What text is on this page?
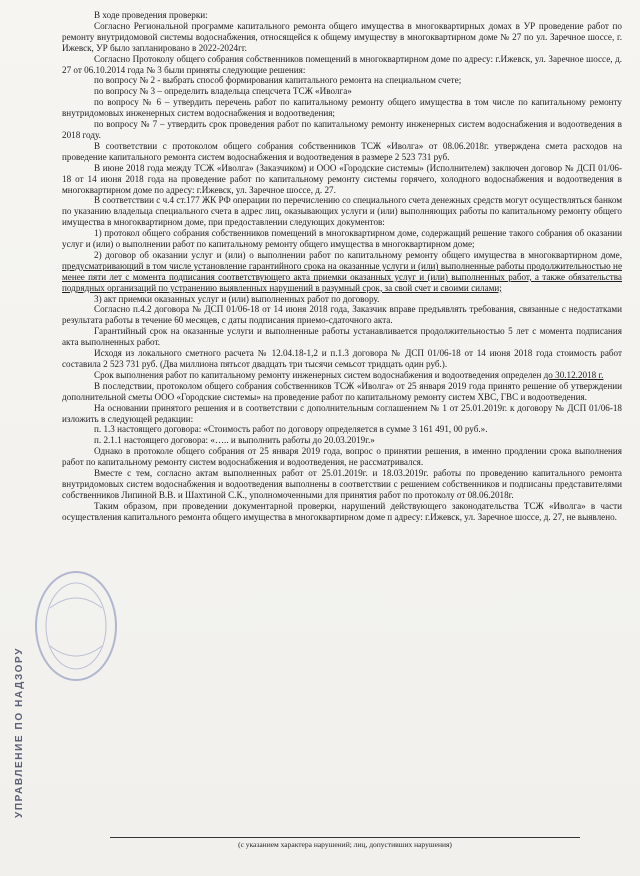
УПРАВЛЕНИЕ ПО НАДЗОРУ

В ходе проведения проверки:

Согласно Региональной программе капитального ремонта общего имущества в многоквартирных домах в УР проведение работ по ремонту внутридомовой системы водоснабжения, относящейся к общему имуществу в многоквартирном доме № 27 по ул. Заречное шоссе, г. Ижевск, УР было запланировано в 2022-2024гг.

Согласно Протоколу общего собрания собственников помещений в многоквартирном доме по адресу: г.Ижевск, ул. Заречное шоссе, д. 27 от 06.10.2014 года № 3 были приняты следующие решения:

по вопросу № 2 - выбрать способ формирования капитального ремонта на специальном счете;

по вопросу № 3 – определить владельца спецсчета ТСЖ «Иволга»

по вопросу № 6 – утвердить перечень работ по капитальному ремонту общего имущества в том числе по капитальному ремонту внутридомовых инженерных систем водоснабжения и водоотведения;

по вопросу № 7 – утвердить срок проведения работ по капитальному ремонту инженерных систем водоснабжения и водоотведения в 2018 году.

В соответствии с протоколом общего собрания собственников ТСЖ «Иволга» от 08.06.2018г. утверждена смета расходов на проведение капитального ремонта систем водоснабжения и водоотведения в размере 2 523 731 руб.

В июне 2018 года между ТСЖ «Иволга» (Заказчиком) и ООО «Городские системы» (Исполнителем) заключен договор № ДСП 01/06-18 от 14 июня 2018 года на проведение работ по капитальному ремонту системы горячего, холодного водоснабжения и водоотведения в многоквартирном доме по адресу: г.Ижевск, ул. Заречное шоссе, д. 27.

В соответствии с ч.4 ст.177 ЖК РФ операции по перечислению со специального счета денежных средств могут осуществляться банком по указанию владельца специального счета в адрес лиц, оказывающих услуги и (или) выполняющих работы по капитальному ремонту общего имущества в многоквартирном доме, при предоставлении следующих документов:

1) протокол общего собрания собственников помещений в многоквартирном доме, содержащий решение такого собрания об оказании услуг и (или) о выполнении работ по капитальному ремонту общего имущества в многоквартирном доме;

2) договор об оказании услуг и (или) о выполнении работ по капитальному ремонту общего имущества в многоквартирном доме, предусматривающий в том числе установление гарантийного срока на оказанные услуги и (или) выполненные работы продолжительностью не менее пяти лет с момента подписания соответствующего акта приемки оказанных услуг и (или) выполненных работ, а также обязательства подрядных организаций по устранению выявленных нарушений в разумный срок, за свой счет и своими силами;

3) акт приемки оказанных услуг и (или) выполненных работ по договору.

Согласно п.4.2 договора № ДСП 01/06-18 от 14 июня 2018 года, Заказчик вправе предъявлять требования, связанные с недостатками результата работы в течение 60 месяцев, с даты подписания приемо-сдаточного акта.

Гарантийный срок на оказанные услуги и выполненные работы устанавливается продолжительностью 5 лет с момента подписания акта выполненных работ.

Исходя из локального сметного расчета № 12.04.18-1,2 и п.1.3 договора № ДСП 01/06-18 от 14 июня 2018 года стоимость работ составила 2 523 731 руб. (Два миллиона пятьсот двадцать три тысячи семьсот тридцать один руб.).

Срок выполнения работ по капитальному ремонту инженерных систем водоснабжения и водоотведения определен до 30.12.2018 г.

В последствии, протоколом общего собрания собственников ТСЖ «Иволга» от 25 января 2019 года принято решение об утверждении дополнительной сметы ООО «Городские системы» на проведение работ по капитальному ремонту систем ХВС, ГВС и водоотведения.

На основании принятого решения и в соответствии с дополнительным соглашением № 1 от 25.01.2019г. к договору № ДСП 01/06-18 изложить в следующей редакции:

п. 1.3 настоящего договора: «Стоимость работ по договору определяется в сумме 3 161 491, 00 руб.».

п. 2.1.1 настоящего договора: «….. и выполнить работы до 20.03.2019г.»

Однако в протоколе общего собрания от 25 января 2019 года, вопрос о принятии решения, в именно продлении срока выполнения работ по капитальному ремонту систем водоснабжения и водоотведения, не рассматривался.

Вместе с тем, согласно актам выполненных работ от 25.01.2019г. и 18.03.2019г. работы по проведению капитального ремонта внутридомовых систем водоснабжения и водоотведения выполнены в соответствии с решением собственников и подписаны представителями собственников Липиной В.В. и Шахтиной С.К., уполномоченными для принятия работ по протоколу от 08.06.2018г.

Таким образом, при проведении документарной проверки, нарушений действующего законодательства ТСЖ «Иволга» в части осуществления капитального ремонта общего имущества в многоквартирном доме п адресу: г.Ижевск, ул. Заречное шоссе, д. 27, не выявлено.

(с указанием характера нарушений; лиц, допустивших нарушения)
